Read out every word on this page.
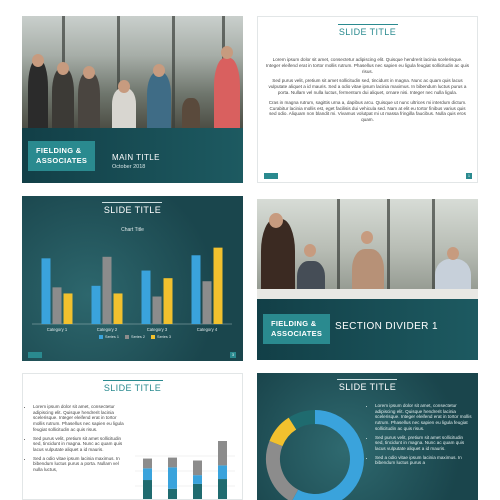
FIELDING &
ASSOCIATES	MAIN TITLE
October 2018
SLIDE TITLE

Lorem ipsum dolor sit amet, consectetur adipiscing elit. Quisque hendrerit lacinia scelerisque. Integer eleifend erat in tortor mollis rutrum. Phasellus nec sapien eu ligula feugiat sollicitudin ac quis risus.

Sed purus velit, pretium sit amet sollicitudin sed, tincidunt in magna. Nunc ac quam quis lacus vulputate aliquet a id mauris. Sed a odio vitae ipsum lacinia maximus. In bibendum luctus purus a porta. Nullam vel nulla luctus, fermentum dui aliquet, ornare nisi. Integer nec nulla ligula.

Cras in magna rutrum, sagittis urna a, dapibus arcu. Quisque ut nunc ultrices mi interdum dictum. Curabitur lacinia mollis est, eget facilisis dui vehicula sed. Nam at elit eu tortor finibus varius quis sed odio. Aliquam non blandit mi. Vivamus volutpat mi ut massa fringilla faucibus. Nulla quis eros quam.

1
SLIDE TITLE
Chart Title
Category 1	Category 2	Category 3	Category 4
Series 1	Series 2	Series 3
3
FIELDING &
ASSOCIATES
SECTION DIVIDER 1
SLIDE TITLE
• Lorem ipsum dolor sit amet, consectetur adipiscing elit. Quisque hendrerit lacinia scelerisque. Integer eleifend erat in tortor mollis rutrum. Phasellus nec sapien eu ligula feugiat sollicitudin ac quis risus.
• Sed purus velit, pretium sit amet sollicitudin sed, tincidunt in magna. Nunc ac quam quis lacus vulputate aliquet a id mauris.
• Sed a odio vitae ipsum lacinia maximus. In bibendum luctus purus a porta. Nullam vel nulla luctus,
SLIDE TITLE
• Lorem ipsum dolor sit amet, consectetur adipiscing elit. Quisque hendrerit lacinia scelerisque. Integer eleifend erat in tortor mollis rutrum. Phasellus nec sapien eu ligula feugiat sollicitudin ac quis risus.
• Sed purus velit, pretium sit amet sollicitudin sed, tincidunt in magna. Nunc ac quam quis lacus vulputate aliquet a id mauris.
• Sed a odio vitae ipsum lacinia maximus. In bibendum luctus purus a
